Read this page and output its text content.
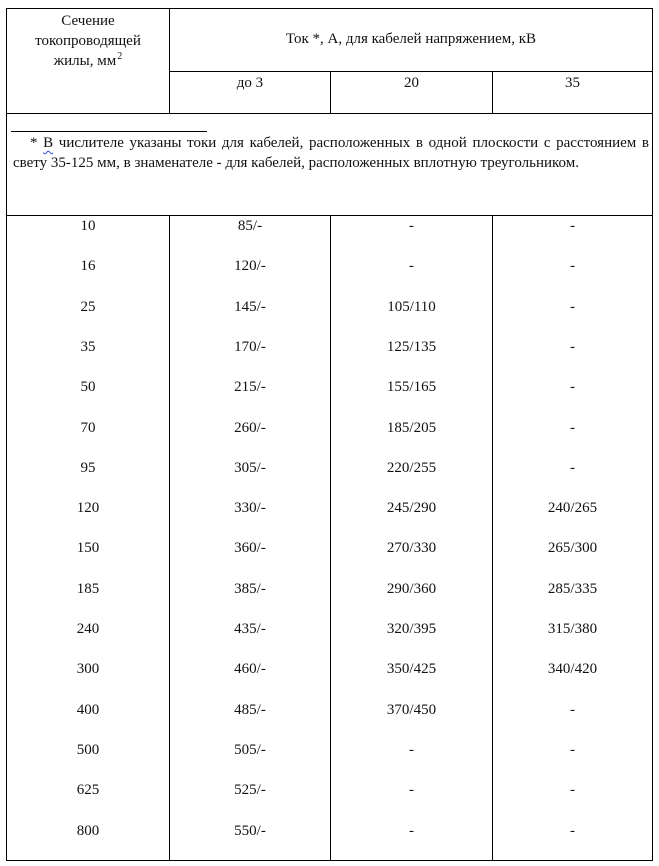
Сечение
токопроводящей
жилы, $мм^2$
Ток *, А, для кабелей напряжением, кВ
до 3	20	35
* В числителе указаны токи для кабелей, расположенных в одной плоскости с расстоянием в свету 35-125 мм, в знаменателе - для кабелей, расположенных вплотную треугольником.
10	85/-	-	-
16	120/-	-	-
25	145/-	105/110	-
35	170/-	125/135	-
50	215/-	155/165	-
70	260/-	185/205	-
95	305/-	220/255	-
120	330/-	245/290	240/265
150	360/-	270/330	265/300
185	385/-	290/360	285/335
240	435/-	320/395	315/380
300	460/-	350/425	340/420
400	485/-	370/450	-
500	505/-	-	-
625	525/-	-	-
800	550/-	-	-
